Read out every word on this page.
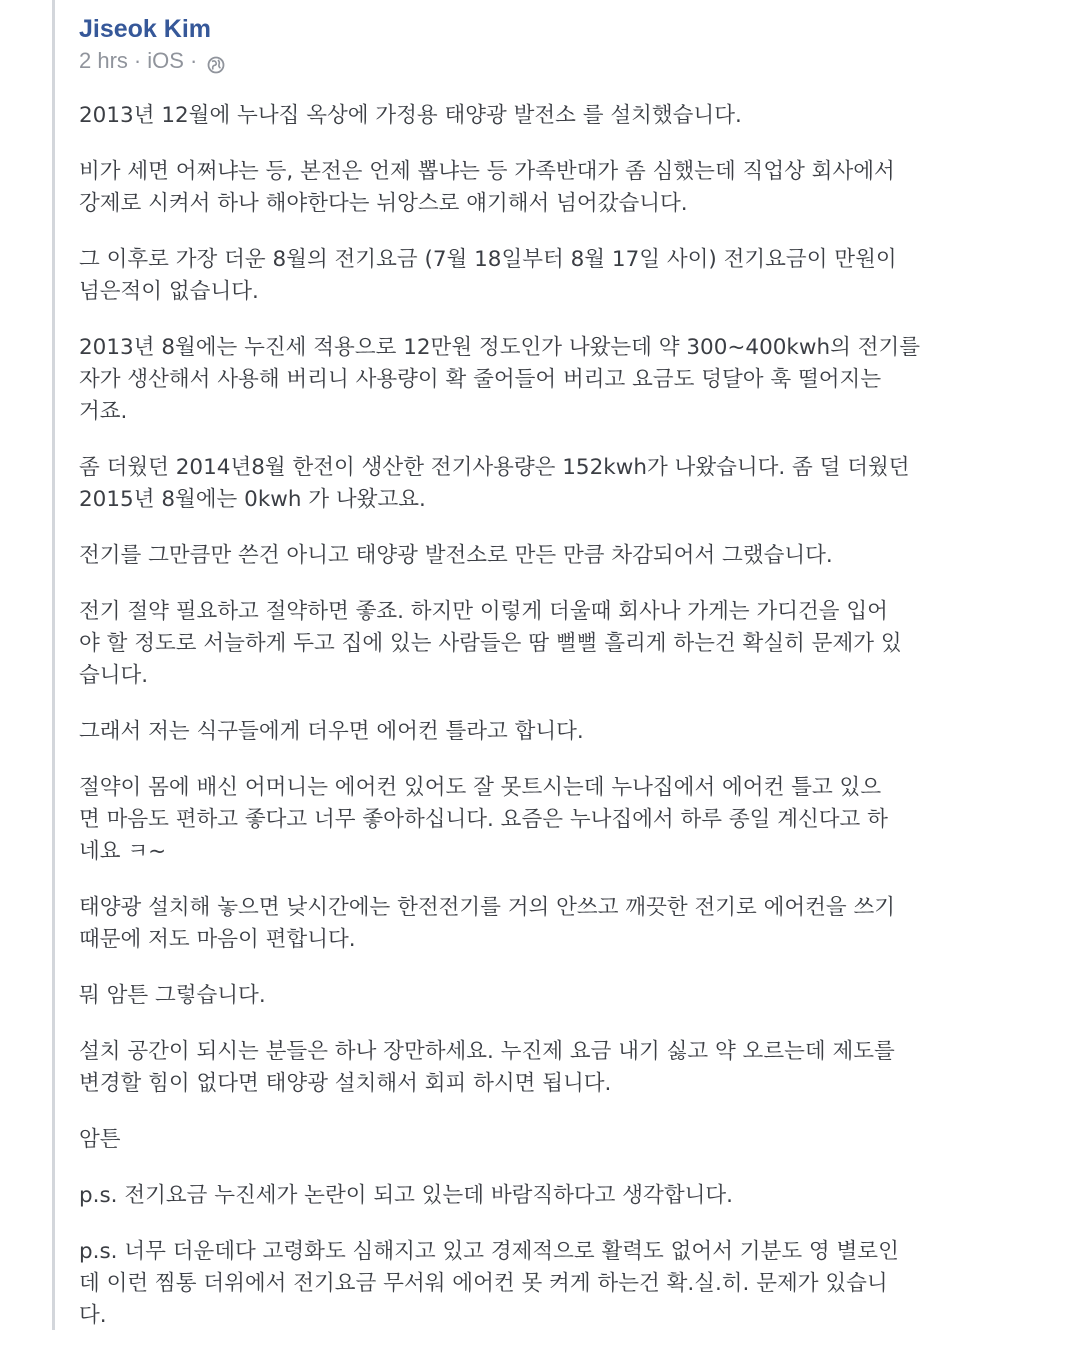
Jiseok Kim
2 hrs · iOS ·

2013년 12월에 누나집 옥상에 가정용 태양광 발전소 를 설치했습니다.

비가 세면 어쩌냐는 등, 본전은 언제 뽑냐는 등 가족반대가 좀 심했는데 직업상 회사에서
강제로 시켜서 하나 해야한다는 뉘앙스로 얘기해서 넘어갔습니다.

그 이후로 가장 더운 8월의 전기요금 (7월 18일부터 8월 17일 사이) 전기요금이 만원이
넘은적이 없습니다.

2013년 8월에는 누진세 적용으로 12만원 정도인가 나왔는데 약 300~400kwh의 전기를
자가 생산해서 사용해 버리니 사용량이 확 줄어들어 버리고 요금도 덩달아 훅 떨어지는
거죠.

좀 더웠던 2014년8월 한전이 생산한 전기사용량은 152kwh가 나왔습니다. 좀 덜 더웠던
2015년 8월에는 0kwh 가 나왔고요.

전기를 그만큼만 쓴건 아니고 태양광 발전소로 만든 만큼 차감되어서 그랬습니다.

전기 절약 필요하고 절약하면 좋죠. 하지만 이렇게 더울때 회사나 가게는 가디건을 입어
야 할 정도로 서늘하게 두고 집에 있는 사람들은 땀 뻘뻘 흘리게 하는건 확실히 문제가 있
습니다.

그래서 저는 식구들에게 더우면 에어컨 틀라고 합니다.

절약이 몸에 배신 어머니는 에어컨 있어도 잘 못트시는데 누나집에서 에어컨 틀고 있으
면 마음도 편하고 좋다고 너무 좋아하십니다. 요즘은 누나집에서 하루 종일 계신다고 하
네요 ㅋ~

태양광 설치해 놓으면 낮시간에는 한전전기를 거의 안쓰고 깨끗한 전기로 에어컨을 쓰기
때문에 저도 마음이 편합니다.

뭐 암튼 그렇습니다.

설치 공간이 되시는 분들은 하나 장만하세요. 누진제 요금 내기 싫고 약 오르는데 제도를
변경할 힘이 없다면 태양광 설치해서 회피 하시면 됩니다.

암튼

p.s. 전기요금 누진세가 논란이 되고 있는데 바람직하다고 생각합니다.

p.s. 너무 더운데다 고령화도 심해지고 있고 경제적으로 활력도 없어서 기분도 영 별로인
데 이런 찜통 더위에서 전기요금 무서워 에어컨 못 켜게 하는건 확.실.히. 문제가 있습니
다.
